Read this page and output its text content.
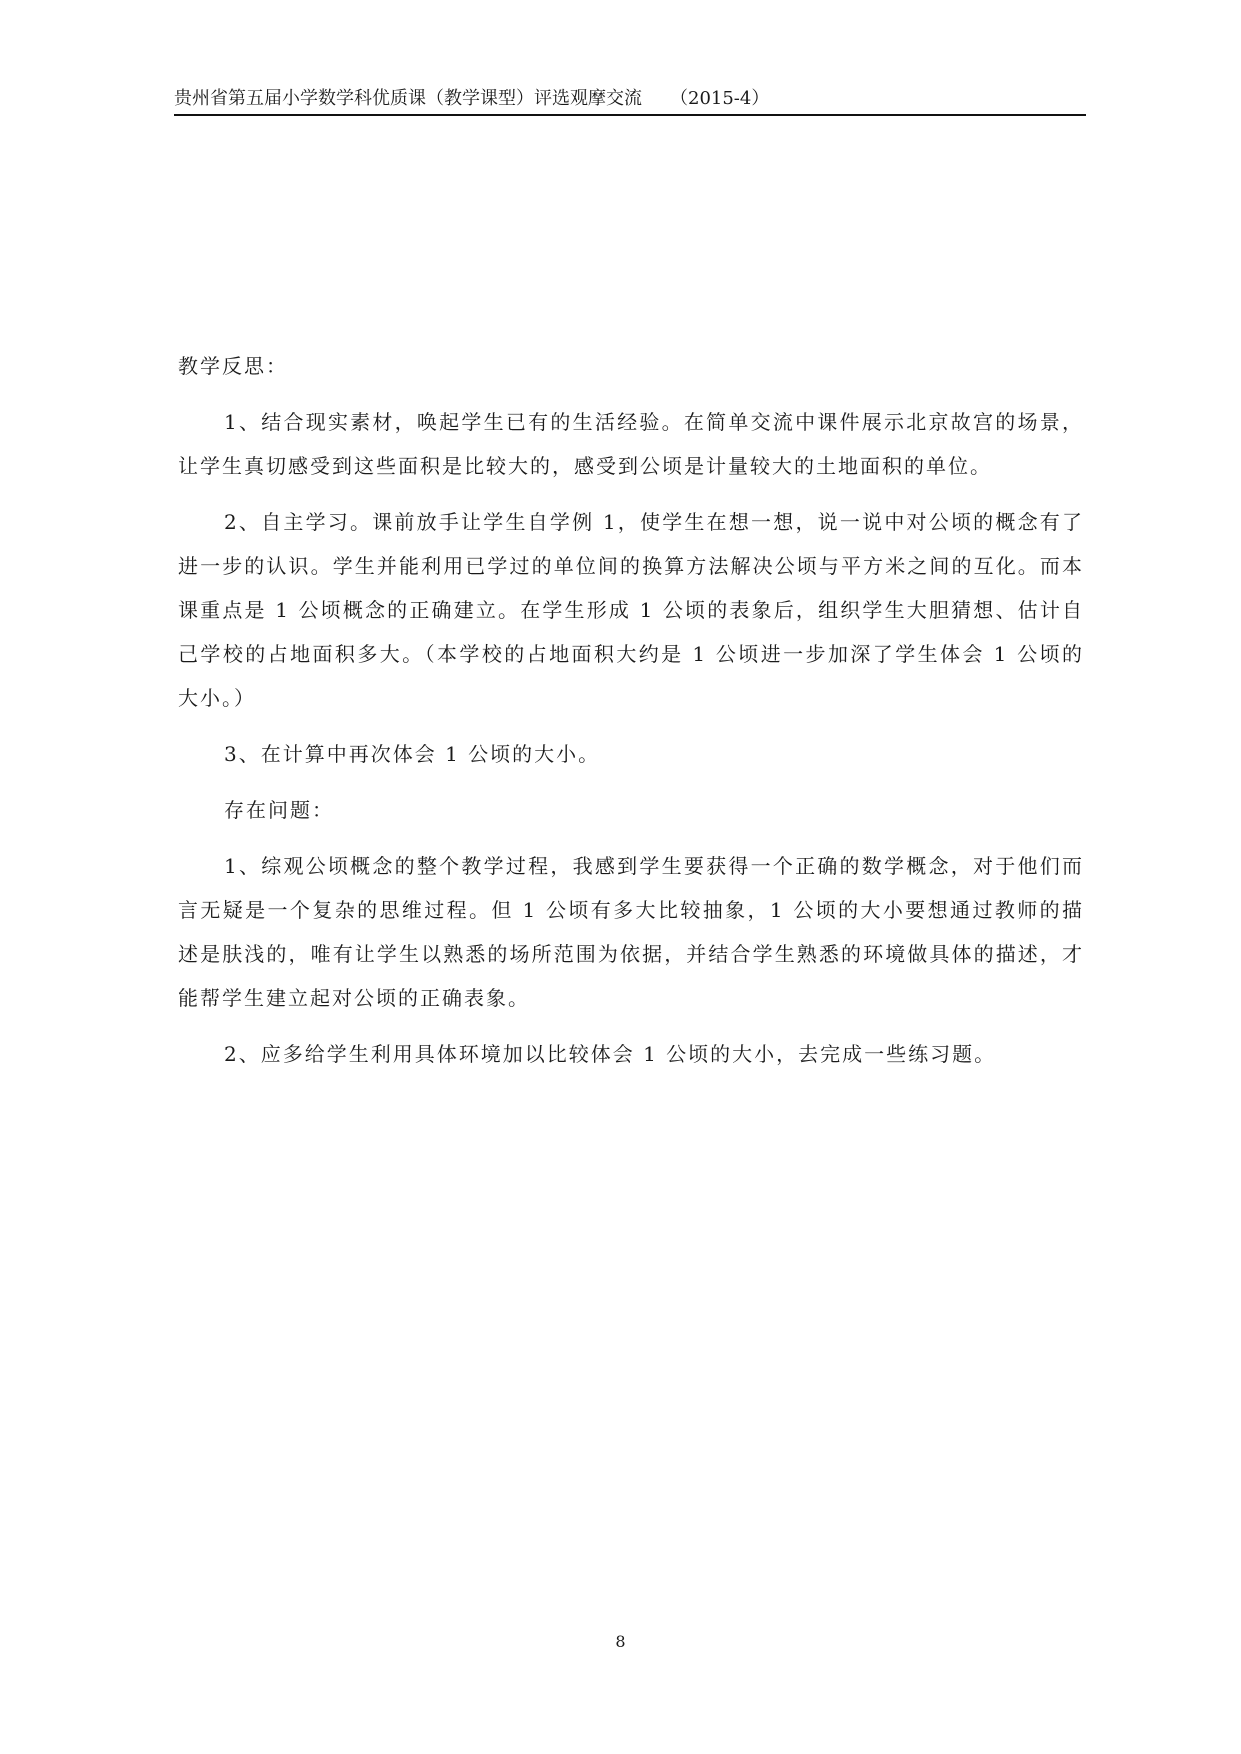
贵州省第五届小学数学科优质课（教学课型）评选观摩交流 （2015-4）

教学反思：

1、结合现实素材，唤起学生已有的生活经验。在简单交流中课件展示北京故宫的场景，让学生真切感受到这些面积是比较大的，感受到公顷是计量较大的土地面积的单位。

2、自主学习。课前放手让学生自学例 1，使学生在想一想，说一说中对公顷的概念有了进一步的认识。学生并能利用已学过的单位间的换算方法解决公顷与平方米之间的互化。而本课重点是 1 公顷概念的正确建立。在学生形成 1 公顷的表象后，组织学生大胆猜想、估计自己学校的占地面积多大。（本学校的占地面积大约是 1 公顷进一步加深了学生体会 1 公顷的大小。）

3、在计算中再次体会 1 公顷的大小。

存在问题：

1、综观公顷概念的整个教学过程，我感到学生要获得一个正确的数学概念，对于他们而言无疑是一个复杂的思维过程。但 1 公顷有多大比较抽象，1 公顷的大小要想通过教师的描述是肤浅的，唯有让学生以熟悉的场所范围为依据，并结合学生熟悉的环境做具体的描述，才能帮学生建立起对公顷的正确表象。

2、应多给学生利用具体环境加以比较体会 1 公顷的大小，去完成一些练习题。

8
